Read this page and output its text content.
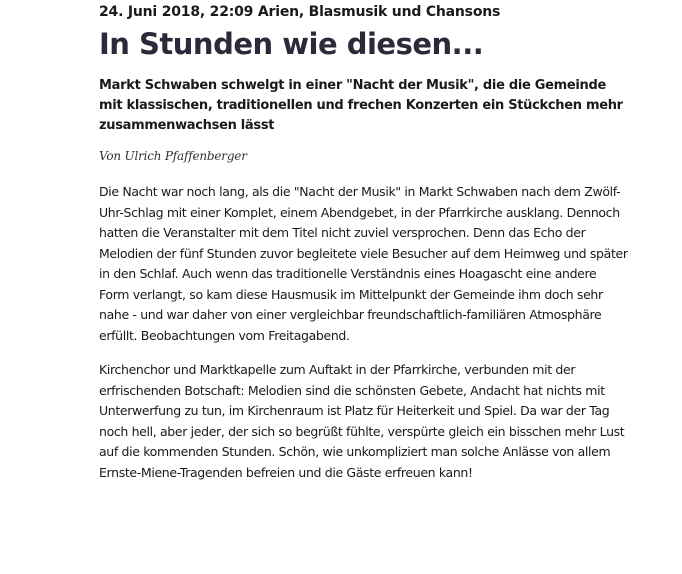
24. Juni 2018, 22:09 Arien, Blasmusik und Chansons
In Stunden wie diesen...

Markt Schwaben schwelgt in einer "Nacht der Musik", die die Gemeinde mit klassischen, traditionellen und frechen Konzerten ein Stückchen mehr zusammenwachsen lässt

Von Ulrich Pfaffenberger

Die Nacht war noch lang, als die "Nacht der Musik" in Markt Schwaben nach dem Zwölf-Uhr-Schlag mit einer Komplet, einem Abendgebet, in der Pfarrkirche ausklang. Dennoch hatten die Veranstalter mit dem Titel nicht zuviel versprochen. Denn das Echo der Melodien der fünf Stunden zuvor begleitete viele Besucher auf dem Heimweg und später in den Schlaf. Auch wenn das traditionelle Verständnis eines Hoagascht eine andere Form verlangt, so kam diese Hausmusik im Mittelpunkt der Gemeinde ihm doch sehr nahe - und war daher von einer vergleichbar freundschaftlich-familiären Atmosphäre erfüllt. Beobachtungen vom Freitagabend.

Kirchenchor und Marktkapelle zum Auftakt in der Pfarrkirche, verbunden mit der erfrischenden Botschaft: Melodien sind die schönsten Gebete, Andacht hat nichts mit Unterwerfung zu tun, im Kirchenraum ist Platz für Heiterkeit und Spiel. Da war der Tag noch hell, aber jeder, der sich so begrüßt fühlte, verspürte gleich ein bisschen mehr Lust auf die kommenden Stunden. Schön, wie unkompliziert man solche Anlässe von allem Ernste-Miene-Tragenden befreien und die Gäste erfreuen kann!
